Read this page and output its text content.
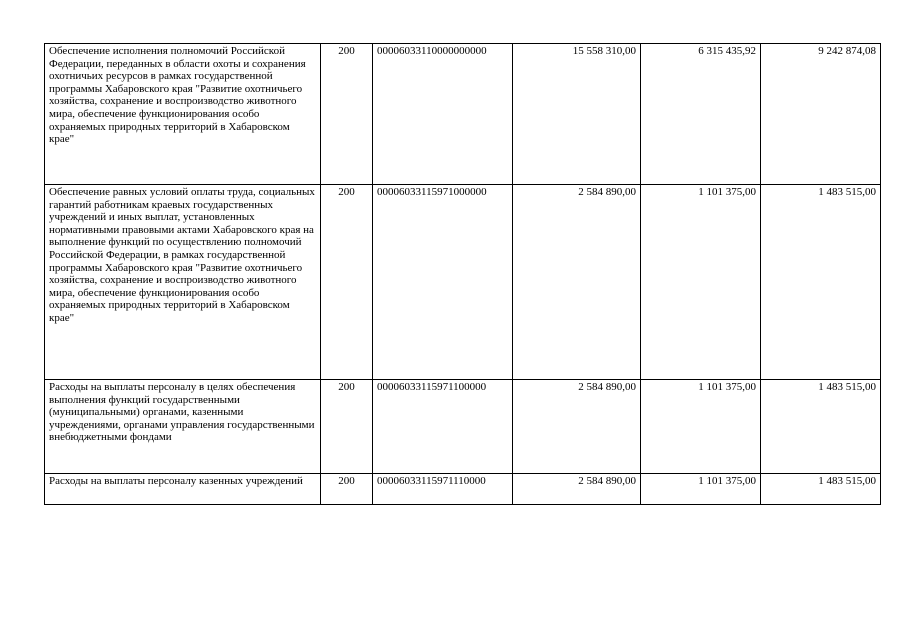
Обеспечение исполнения полномочий Российской Федерации, переданных в области охоты и сохранения охотничьих ресурсов в рамках государственной программы Хабаровского края "Развитие охотничьего хозяйства, сохранение и воспроизводство животного мира, обеспечение функционирования особо охраняемых природных территорий в Хабаровском крае"	200	00006033110000000000	15 558 310,00	6 315 435,92	9 242 874,08
Обеспечение равных условий оплаты труда, социальных гарантий работникам краевых государственных учреждений и иных выплат, установленных нормативными правовыми актами Хабаровского края на выполнение функций по осуществлению полномочий Российской Федерации, в рамках государственной программы Хабаровского края "Развитие охотничьего хозяйства, сохранение и воспроизводство животного мира, обеспечение функционирования особо охраняемых природных территорий в Хабаровском крае"	200	00006033115971000000	2 584 890,00	1 101 375,00	1 483 515,00
Расходы на выплаты персоналу в целях обеспечения выполнения функций государственными (муниципальными) органами, казенными учреждениями, органами управления государственными внебюджетными фондами	200	00006033115971100000	2 584 890,00	1 101 375,00	1 483 515,00
Расходы на выплаты персоналу казенных учреждений	200	00006033115971110000	2 584 890,00	1 101 375,00	1 483 515,00
